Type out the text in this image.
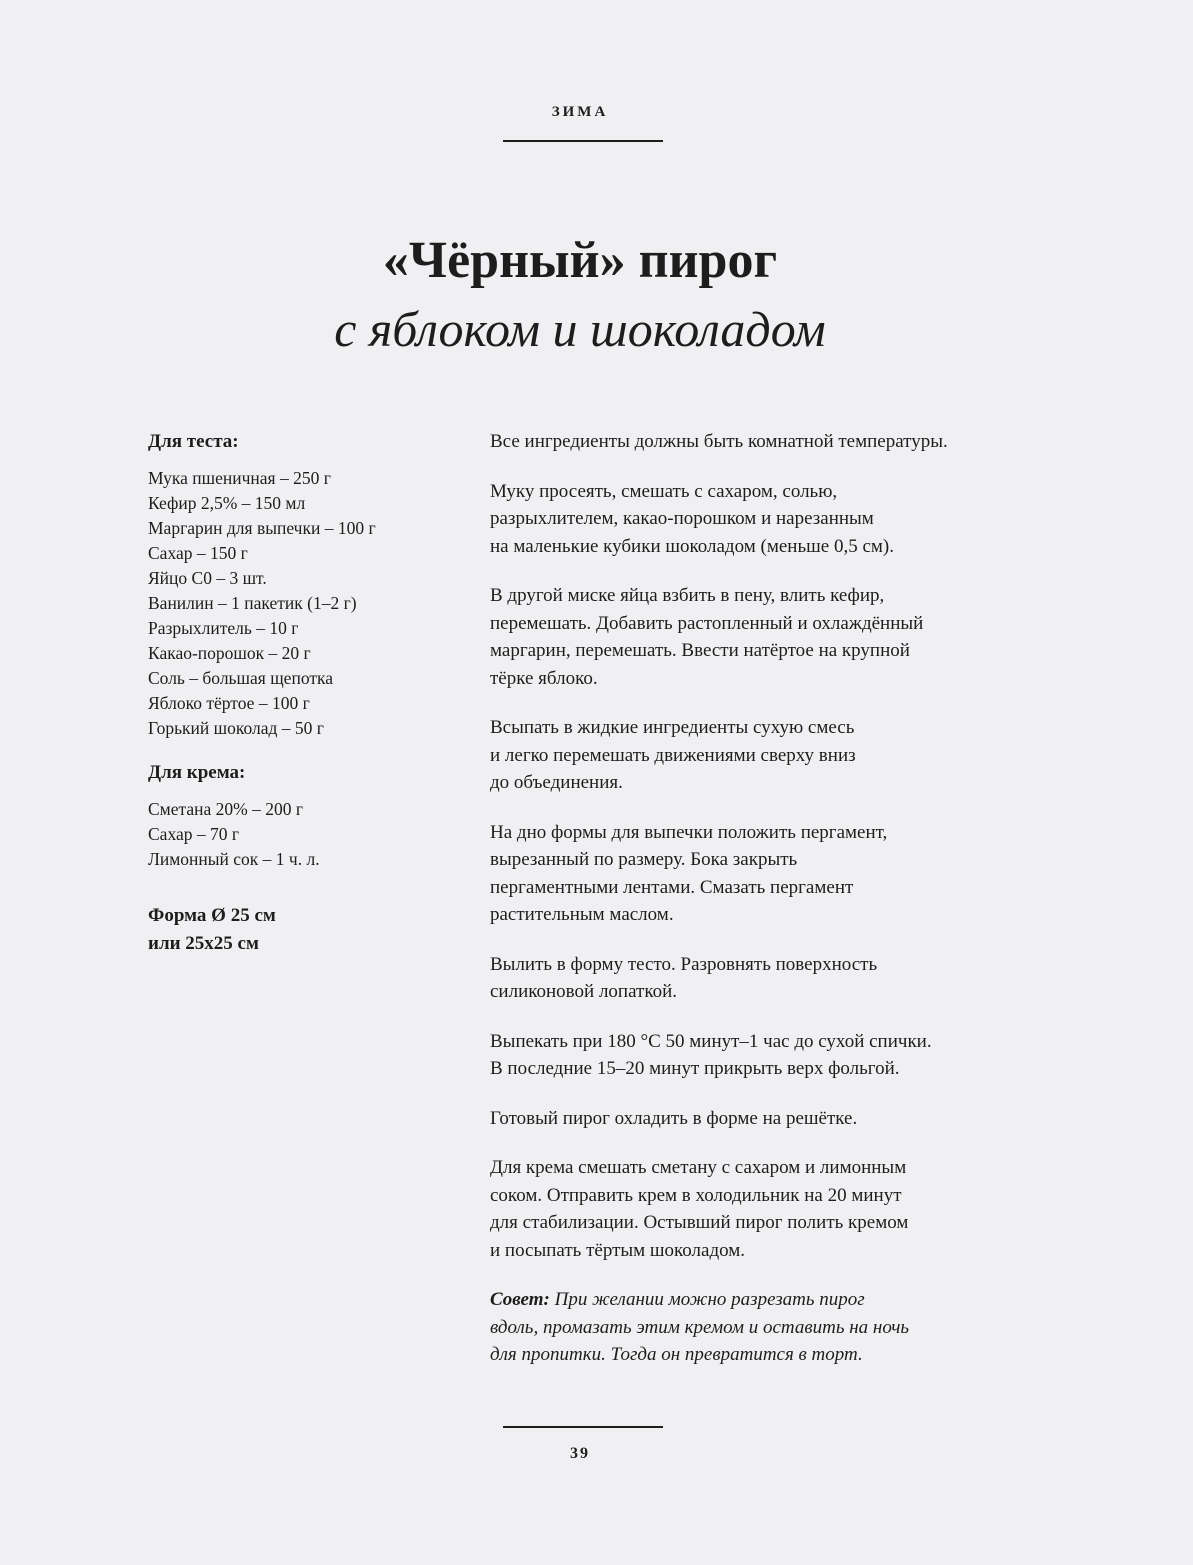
ЗИМА
«Чёрный» пирог
с яблоком и шоколадом
Для теста:
Мука пшеничная – 250 г
Кефир 2,5% – 150 мл
Маргарин для выпечки – 100 г
Сахар – 150 г
Яйцо С0 – 3 шт.
Ванилин – 1 пакетик (1–2 г)
Разрыхлитель – 10 г
Какао-порошок – 20 г
Соль – большая щепотка
Яблоко тёртое – 100 г
Горький шоколад – 50 г
Для крема:
Сметана 20% – 200 г
Сахар – 70 г
Лимонный сок – 1 ч. л.
Форма Ø 25 см
или 25х25 см

Все ингредиенты должны быть комнатной температуры.

Муку просеять, смешать с сахаром, солью,
разрыхлителем, какао-порошком и нарезанным
на маленькие кубики шоколадом (меньше 0,5 см).

В другой миске яйца взбить в пену, влить кефир,
перемешать. Добавить растопленный и охлаждённый
маргарин, перемешать. Ввести натёртое на крупной
тёрке яблоко.

Всыпать в жидкие ингредиенты сухую смесь
и легко перемешать движениями сверху вниз
до объединения.

На дно формы для выпечки положить пергамент,
вырезанный по размеру. Бока закрыть
пергаментными лентами. Смазать пергамент
растительным маслом.

Вылить в форму тесто. Разровнять поверхность
силиконовой лопаткой.

Выпекать при 180 °С 50 минут–1 час до сухой спички.
В последние 15–20 минут прикрыть верх фольгой.

Готовый пирог охладить в форме на решётке.

Для крема смешать сметану с сахаром и лимонным
соком. Отправить крем в холодильник на 20 минут
для стабилизации. Остывший пирог полить кремом
и посыпать тёртым шоколадом.

Совет: При желании можно разрезать пирог
вдоль, промазать этим кремом и оставить на ночь
для пропитки. Тогда он превратится в торт.

39
